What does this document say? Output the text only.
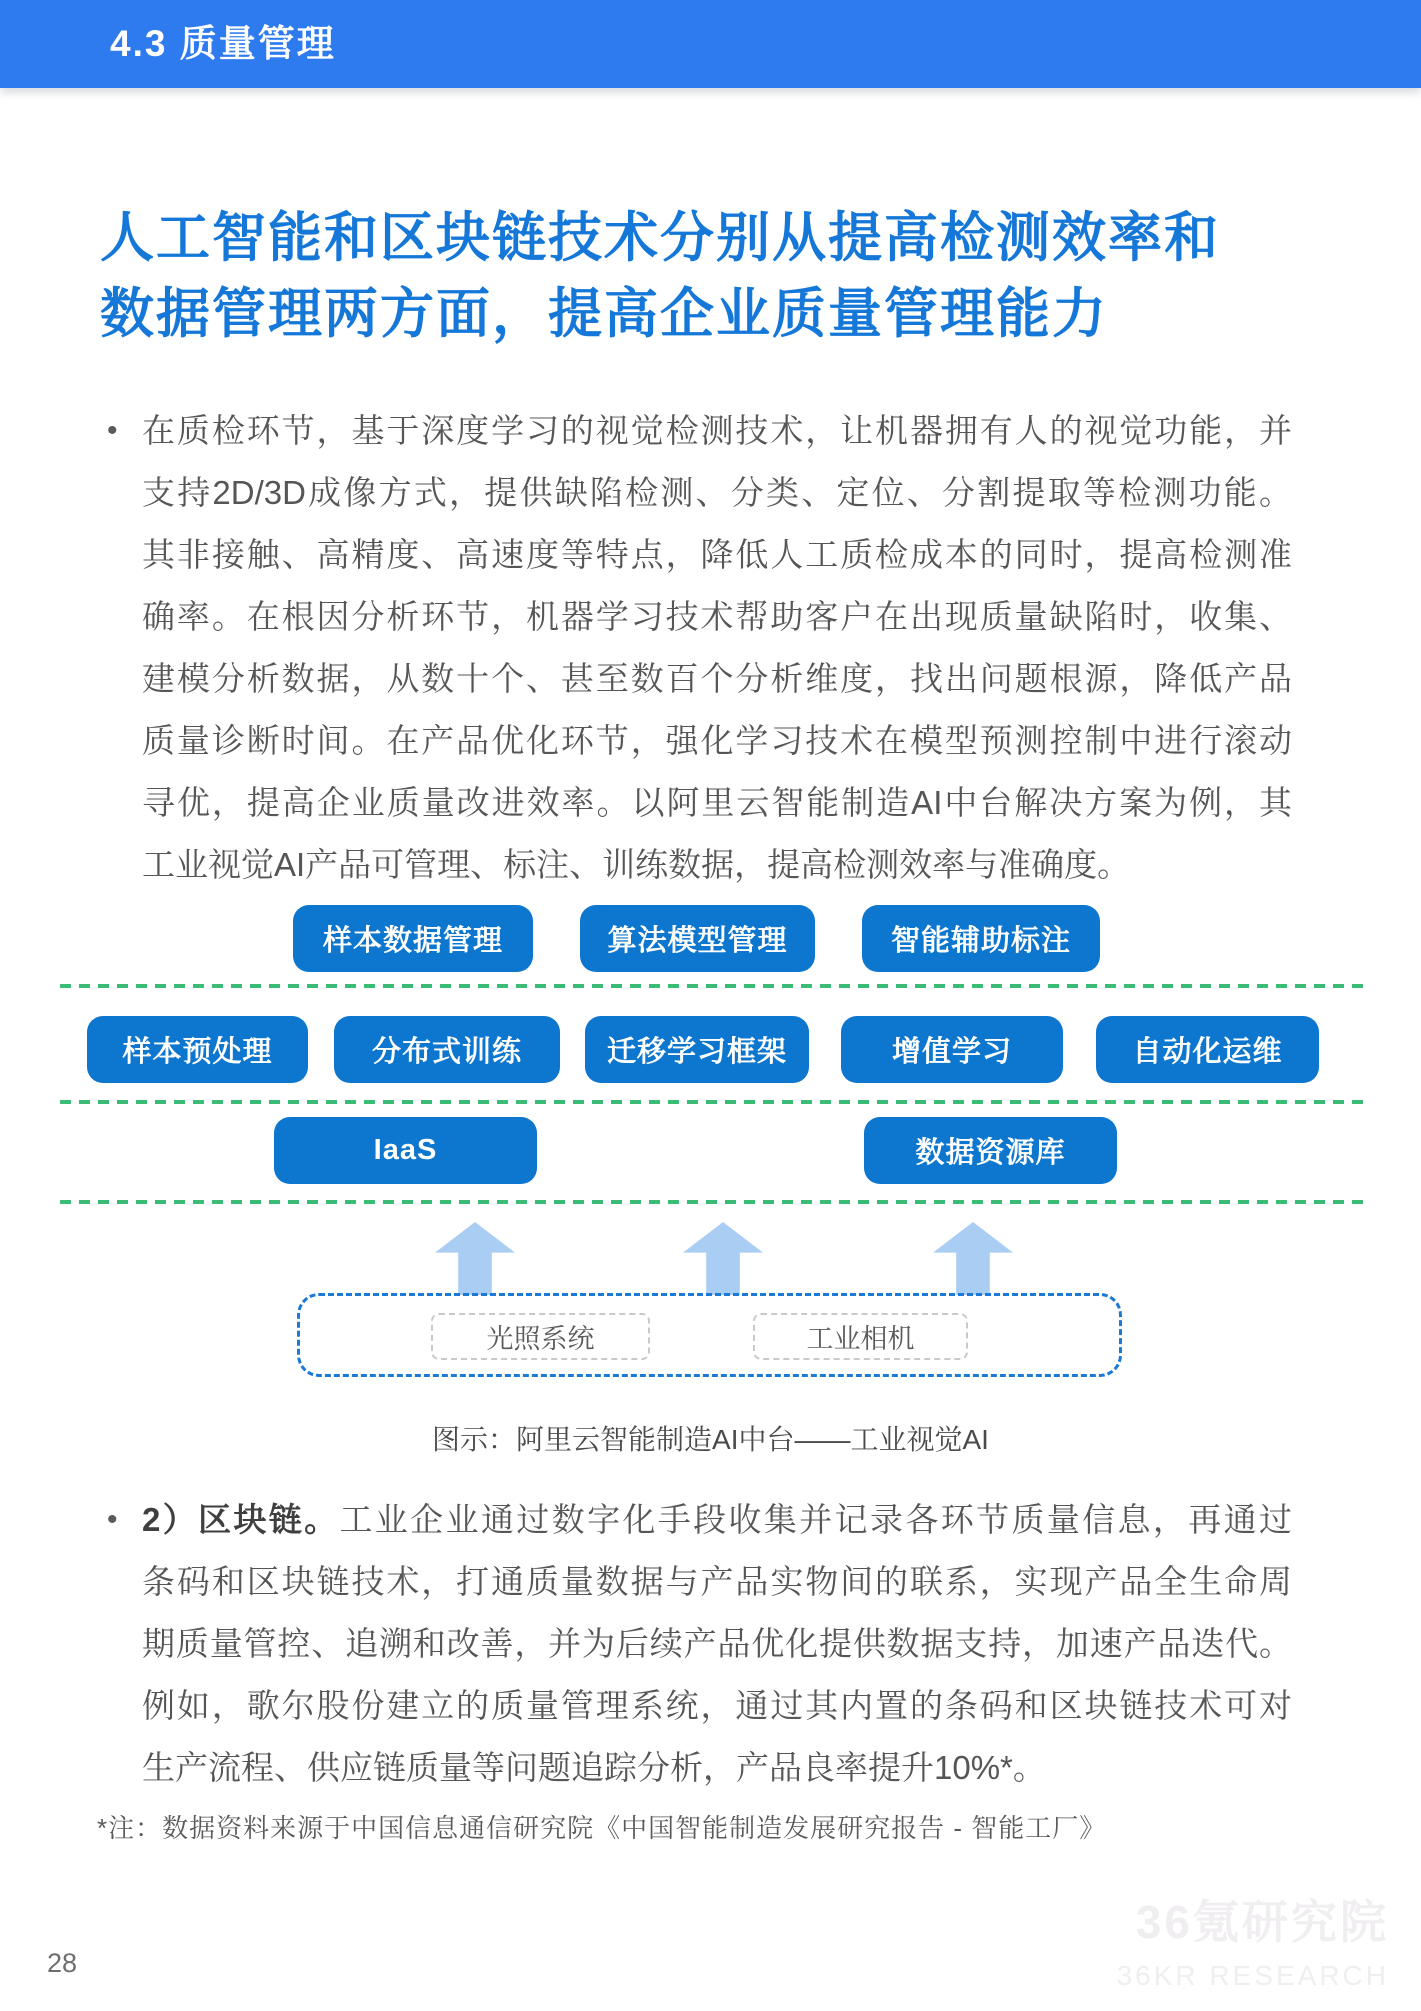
4.3 质量管理
人工智能和区块链技术分别从提高检测效率和
数据管理两方面，提高企业质量管理能力
• 在质检环节，基于深度学习的视觉检测技术，让机器拥有人的视觉功能，并
支持2D/3D成像方式，提供缺陷检测、分类、定位、分割提取等检测功能。
其非接触、高精度、高速度等特点，降低人工质检成本的同时，提高检测准
确率。在根因分析环节，机器学习技术帮助客户在出现质量缺陷时，收集、
建模分析数据，从数十个、甚至数百个分析维度，找出问题根源，降低产品
质量诊断时间。在产品优化环节，强化学习技术在模型预测控制中进行滚动
寻优，提高企业质量改进效率。以阿里云智能制造AI中台解决方案为例，其
工业视觉AI产品可管理、标注、训练数据，提高检测效率与准确度。
样本数据管理	算法模型管理	智能辅助标注
样本预处理	分布式训练	迁移学习框架	增值学习	自动化运维
IaaS	数据资源库
光照系统	工业相机
图示：阿里云智能制造AI中台——工业视觉AI
• 2）区块链。工业企业通过数字化手段收集并记录各环节质量信息，再通过
条码和区块链技术，打通质量数据与产品实物间的联系，实现产品全生命周
期质量管控、追溯和改善，并为后续产品优化提供数据支持，加速产品迭代。
例如，歌尔股份建立的质量管理系统，通过其内置的条码和区块链技术可对
生产流程、供应链质量等问题追踪分析，产品良率提升10%*。
*注：数据资料来源于中国信息通信研究院《中国智能制造发展研究报告 - 智能工厂》
28
36氪研究院
36KR RESEARCH
